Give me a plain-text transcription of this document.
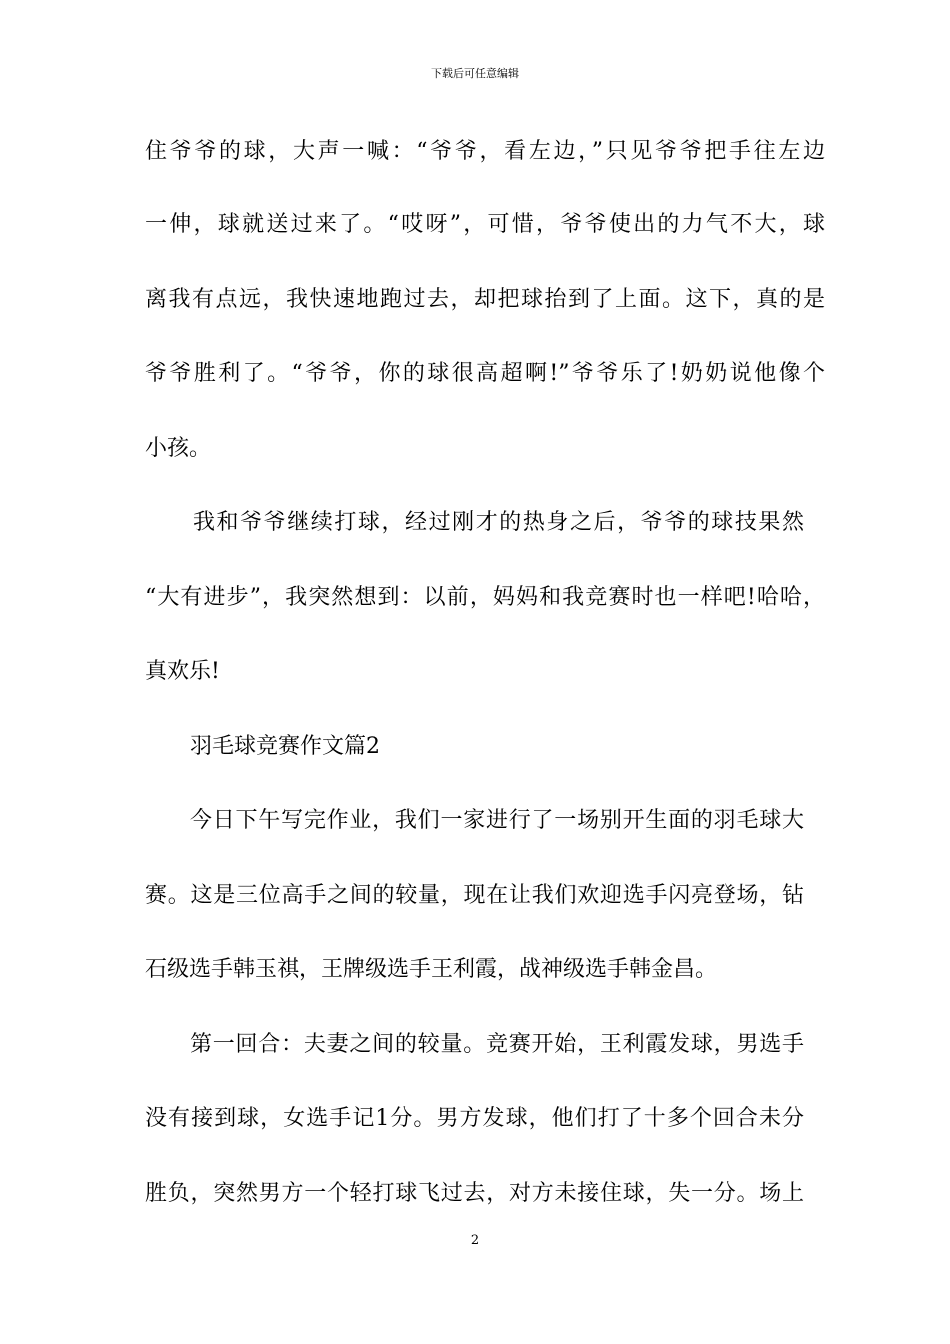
下载后可任意编辑
住爷爷的球，大声一喊：“爷爷，看左边，”只见爷爷把手往左边
一伸，球就送过来了。“哎呀”，可惜，爷爷使出的力气不大，球
离我有点远，我快速地跑过去，却把球抬到了上面。这下，真的是
爷爷胜利了。“爷爷，你的球很高超啊!”爷爷乐了!奶奶说他像个
小孩。
我和爷爷继续打球，经过刚才的热身之后，爷爷的球技果然
“大有进步”，我突然想到：以前，妈妈和我竞赛时也一样吧!哈哈，
真欢乐!
羽毛球竞赛作文篇2
今日下午写完作业，我们一家进行了一场别开生面的羽毛球大
赛。这是三位高手之间的较量，现在让我们欢迎选手闪亮登场，钻
石级选手韩玉祺，王牌级选手王利霞，战神级选手韩金昌。
第一回合：夫妻之间的较量。竞赛开始，王利霞发球，男选手
没有接到球，女选手记1分。男方发球，他们打了十多个回合未分
胜负，突然男方一个轻打球飞过去，对方未接住球，失一分。场上
2
